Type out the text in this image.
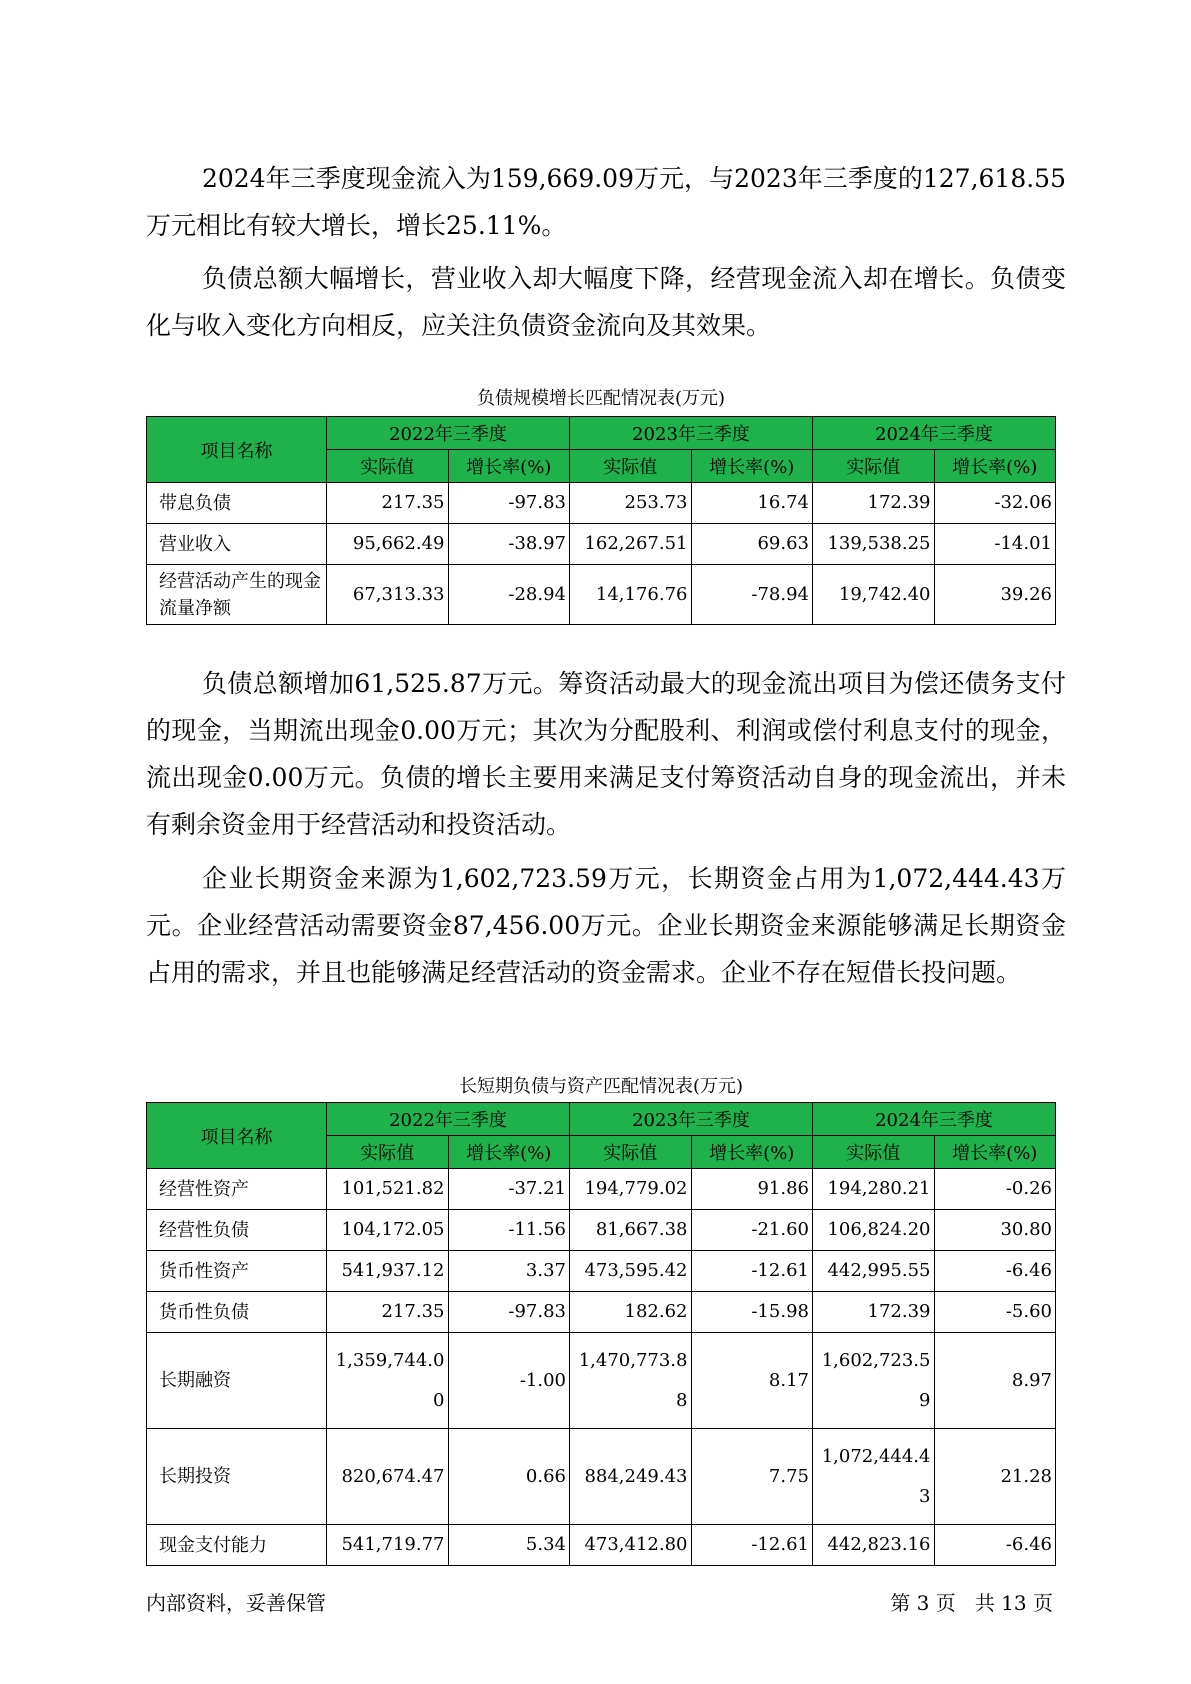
2024年三季度现金流入为159,669.09万元，与2023年三季度的127,618.55万元相比有较大增长，增长25.11%。

负债总额大幅增长，营业收入却大幅度下降，经营现金流入却在增长。负债变化与收入变化方向相反，应关注负债资金流向及其效果。

负债规模增长匹配情况表(万元)
项目名称	2022年三季度		2023年三季度		2024年三季度	
	实际值	增长率(%)	实际值	增长率(%)	实际值	增长率(%)
带息负债	217.35	-97.83	253.73	16.74	172.39	-32.06
营业收入	95,662.49	-38.97	162,267.51	69.63	139,538.25	-14.01
经营活动产生的现金流量净额	67,313.33	-28.94	14,176.76	-78.94	19,742.40	39.26

负债总额增加61,525.87万元。筹资活动最大的现金流出项目为偿还债务支付的现金，当期流出现金0.00万元；其次为分配股利、利润或偿付利息支付的现金，流出现金0.00万元。负债的增长主要用来满足支付筹资活动自身的现金流出，并未有剩余资金用于经营活动和投资活动。

企业长期资金来源为1,602,723.59万元，长期资金占用为1,072,444.43万元。企业经营活动需要资金87,456.00万元。企业长期资金来源能够满足长期资金占用的需求，并且也能够满足经营活动的资金需求。企业不存在短借长投问题。

长短期负债与资产匹配情况表(万元)
项目名称	2022年三季度		2023年三季度		2024年三季度	
	实际值	增长率(%)	实际值	增长率(%)	实际值	增长率(%)
经营性资产	101,521.82	-37.21	194,779.02	91.86	194,280.21	-0.26
经营性负债	104,172.05	-11.56	81,667.38	-21.60	106,824.20	30.80
货币性资产	541,937.12	3.37	473,595.42	-12.61	442,995.55	-6.46
货币性负债	217.35	-97.83	182.62	-15.98	172.39	-5.60
长期融资	1,359,744.00	-1.00	1,470,773.88	8.17	1,602,723.59	8.97
长期投资	820,674.47	0.66	884,249.43	7.75	1,072,444.43	21.28
现金支付能力	541,719.77	5.34	473,412.80	-12.61	442,823.16	-6.46
内部资料，妥善保管	第 3 页   共 13 页
